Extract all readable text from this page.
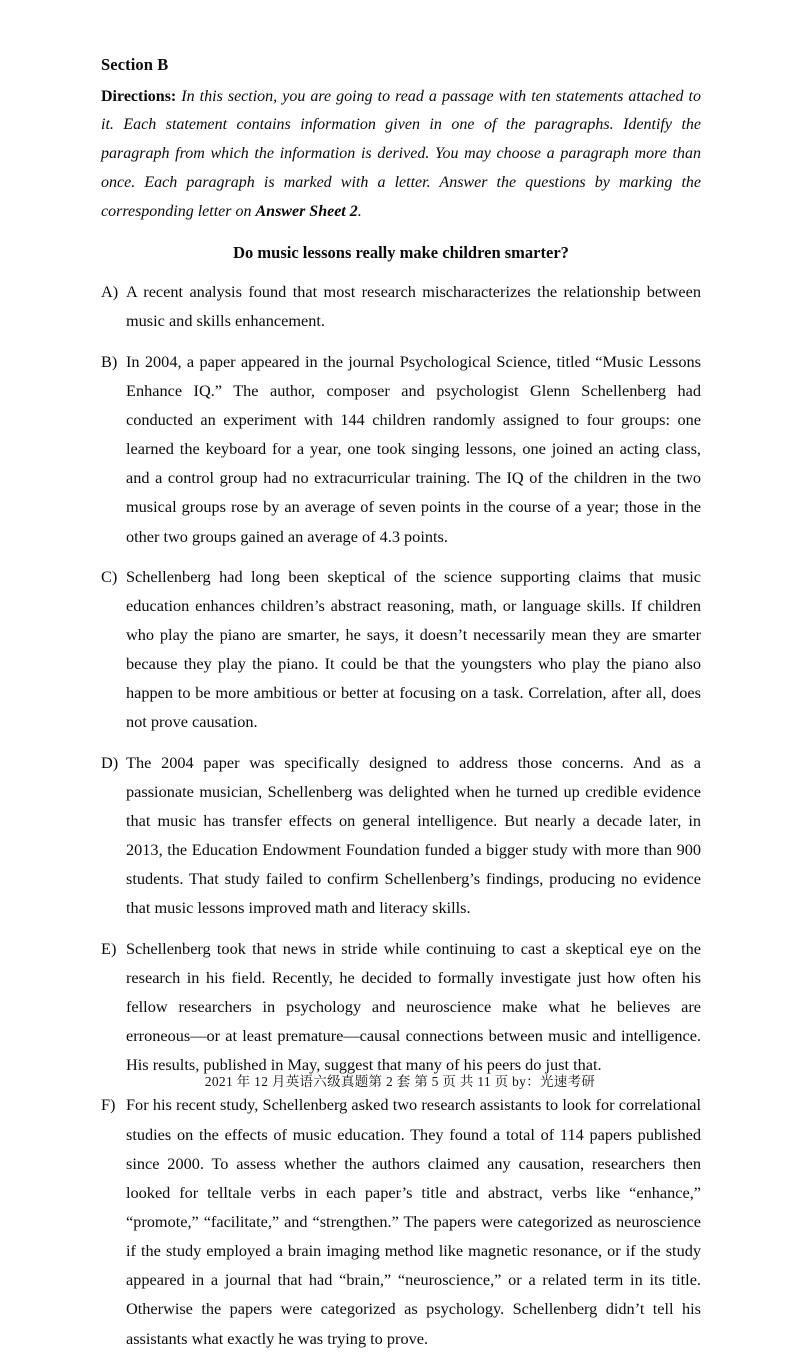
Section B

Directions: In this section, you are going to read a passage with ten statements attached to it. Each statement contains information given in one of the paragraphs. Identify the paragraph from which the information is derived. You may choose a paragraph more than once. Each paragraph is marked with a letter. Answer the questions by marking the corresponding letter on Answer Sheet 2.

Do music lessons really make children smarter?
A) A recent analysis found that most research mischaracterizes the relationship between music and skills enhancement.
B) In 2004, a paper appeared in the journal Psychological Science, titled “Music Lessons Enhance IQ.” The author, composer and psychologist Glenn Schellenberg had conducted an experiment with 144 children randomly assigned to four groups: one learned the keyboard for a year, one took singing lessons, one joined an acting class, and a control group had no extracurricular training. The IQ of the children in the two musical groups rose by an average of seven points in the course of a year; those in the other two groups gained an average of 4.3 points.
C) Schellenberg had long been skeptical of the science supporting claims that music education enhances children’s abstract reasoning, math, or language skills. If children who play the piano are smarter, he says, it doesn’t necessarily mean they are smarter because they play the piano. It could be that the youngsters who play the piano also happen to be more ambitious or better at focusing on a task. Correlation, after all, does not prove causation.
D) The 2004 paper was specifically designed to address those concerns. And as a passionate musician, Schellenberg was delighted when he turned up credible evidence that music has transfer effects on general intelligence. But nearly a decade later, in 2013, the Education Endowment Foundation funded a bigger study with more than 900 students. That study failed to confirm Schellenberg’s findings, producing no evidence that music lessons improved math and literacy skills.
E) Schellenberg took that news in stride while continuing to cast a skeptical eye on the research in his field. Recently, he decided to formally investigate just how often his fellow researchers in psychology and neuroscience make what he believes are erroneous—or at least premature—causal connections between music and intelligence. His results, published in May, suggest that many of his peers do just that.
F) For his recent study, Schellenberg asked two research assistants to look for correlational studies on the effects of music education. They found a total of 114 papers published since 2000. To assess whether the authors claimed any causation, researchers then looked for telltale verbs in each paper’s title and abstract, verbs like “enhance,” “promote,” “facilitate,” and “strengthen.” The papers were categorized as neuroscience if the study employed a brain imaging method like magnetic resonance, or if the study appeared in a journal that had “brain,” “neuroscience,” or a related term in its title. Otherwise the papers were categorized as psychology. Schellenberg didn’t tell his assistants what exactly he was trying to prove.
2021 年 12 月英语六级真题第 2 套 第 5 页 共 11 页 by：光速考研
